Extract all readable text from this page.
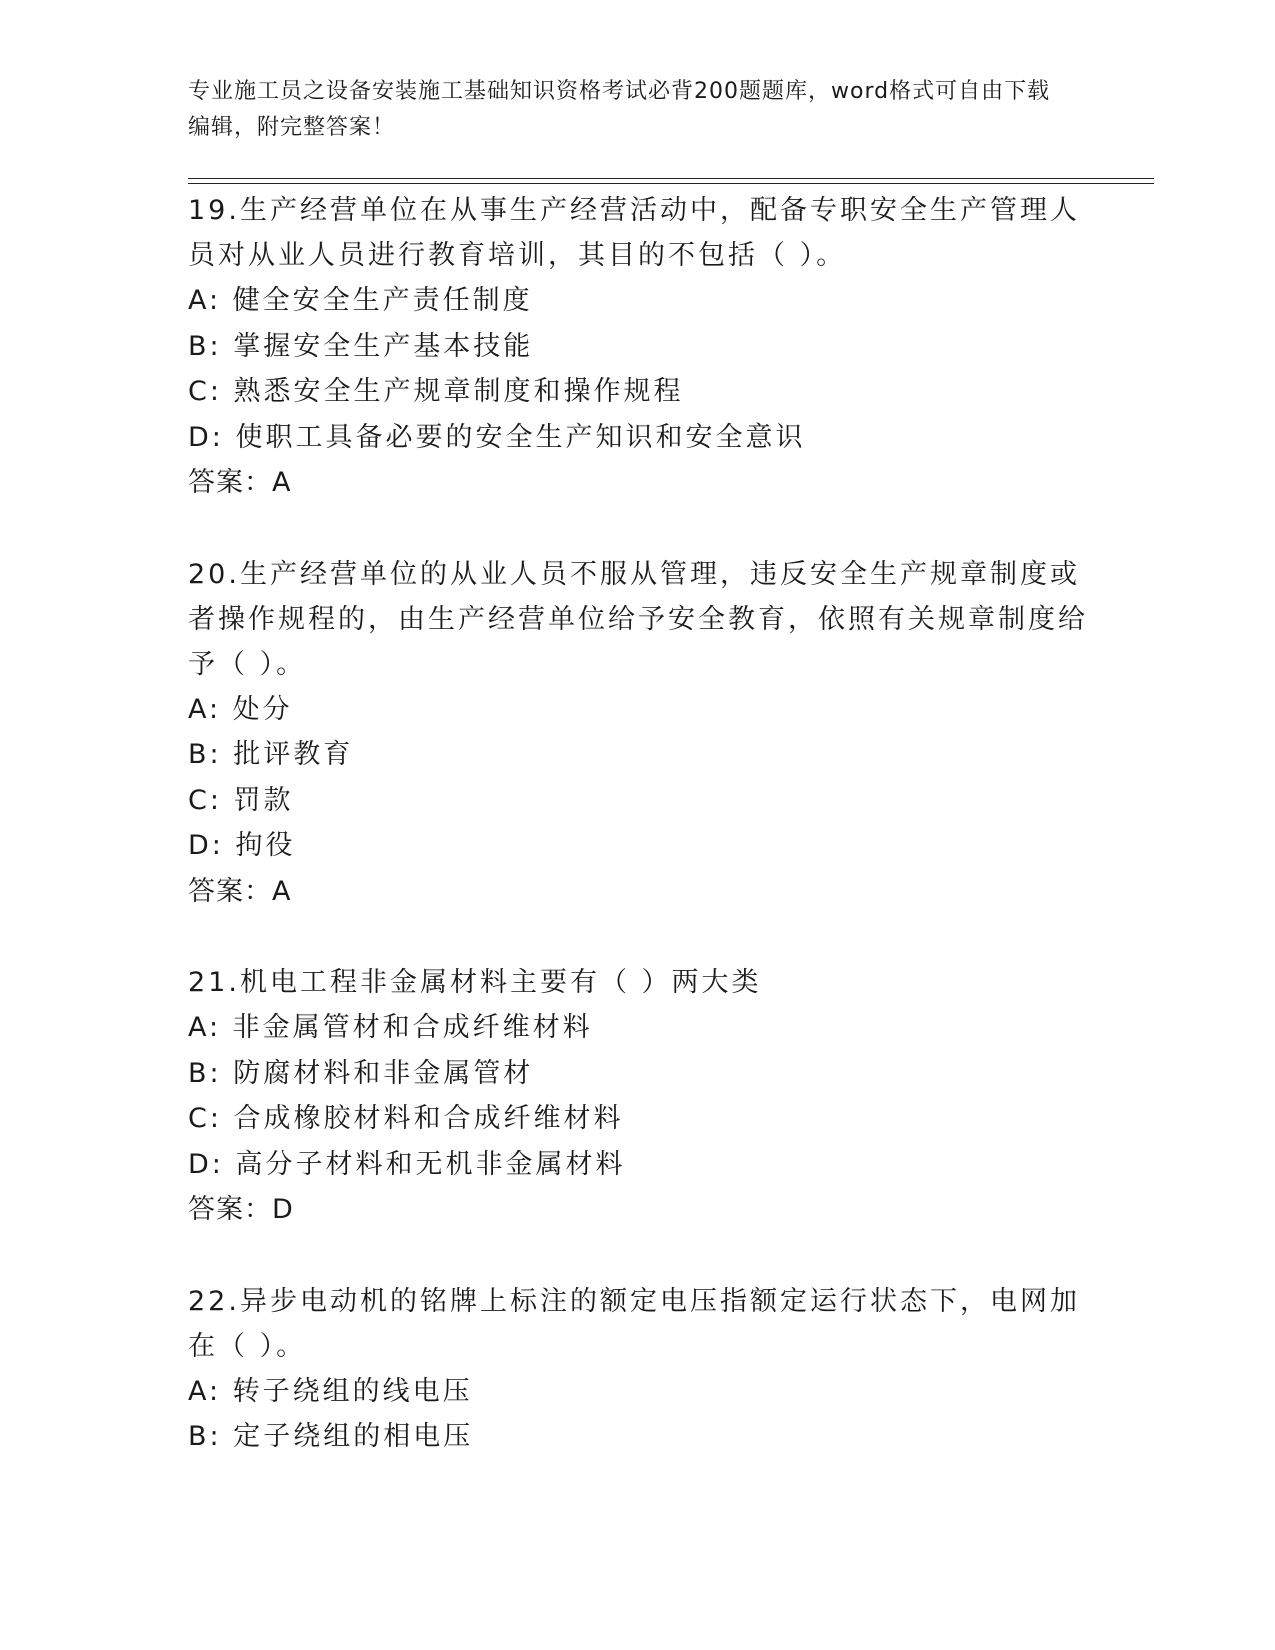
专业施工员之设备安装施工基础知识资格考试必背200题题库，word格式可自由下载编辑，附完整答案！
19.生产经营单位在从事生产经营活动中，配备专职安全生产管理人员对从业人员进行教育培训，其目的不包括（ ）。
A: 健全安全生产责任制度
B: 掌握安全生产基本技能
C: 熟悉安全生产规章制度和操作规程
D: 使职工具备必要的安全生产知识和安全意识
答案：A
20.生产经营单位的从业人员不服从管理，违反安全生产规章制度或者操作规程的，由生产经营单位给予安全教育，依照有关规章制度给予（ ）。
A: 处分
B: 批评教育
C: 罚款
D: 拘役
答案：A
21.机电工程非金属材料主要有（ ）两大类
A: 非金属管材和合成纤维材料
B: 防腐材料和非金属管材
C: 合成橡胶材料和合成纤维材料
D: 高分子材料和无机非金属材料
答案：D
22.异步电动机的铭牌上标注的额定电压指额定运行状态下，电网加在（ ）。
A: 转子绕组的线电压
B: 定子绕组的相电压
